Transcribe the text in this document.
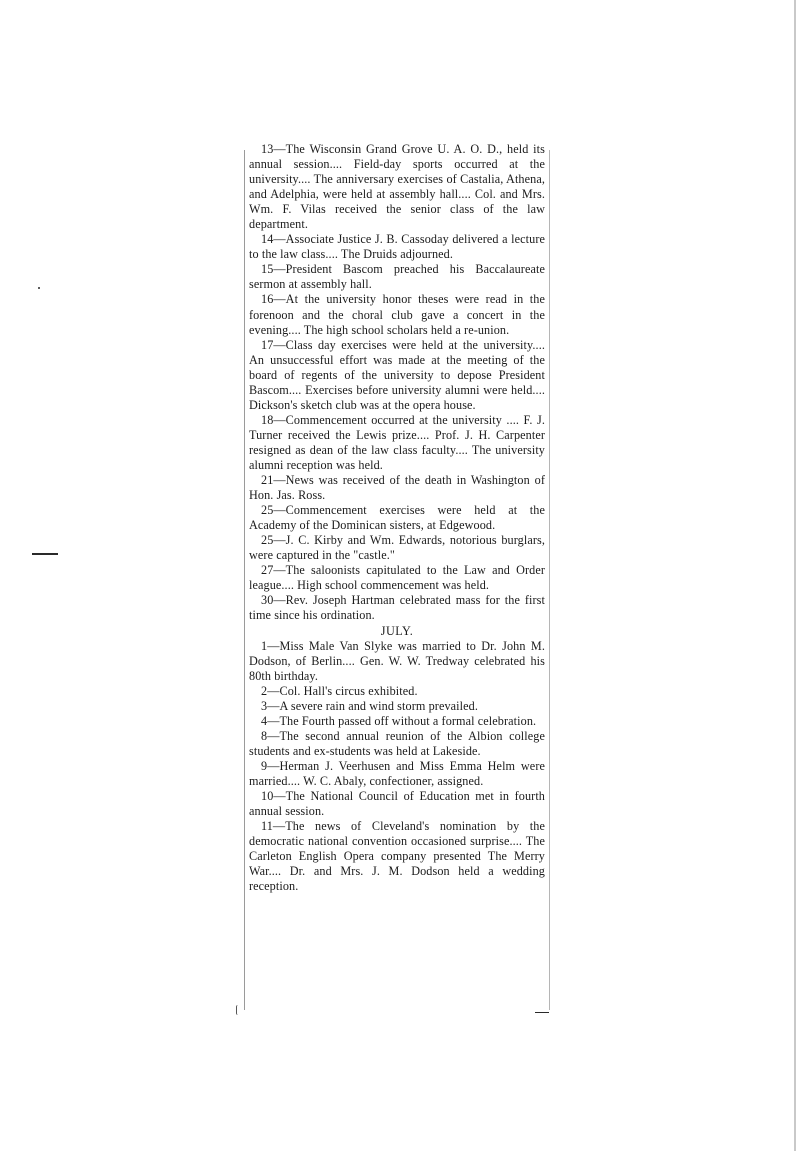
13—The Wisconsin Grand Grove U. A. O. D., held its annual session.... Field-day sports occurred at the university.... The anniversary exercises of Castalia, Athena, and Adelphia, were held at assembly hall.... Col. and Mrs. Wm. F. Vilas received the senior class of the law department.

14—Associate Justice J. B. Cassoday delivered a lecture to the law class.... The Druids adjourned.

15—President Bascom preached his Baccalaureate sermon at assembly hall.

16—At the university honor theses were read in the forenoon and the choral club gave a concert in the evening.... The high school scholars held a re-union.

17—Class day exercises were held at the university.... An unsuccessful effort was made at the meeting of the board of regents of the university to depose President Bascom.... Exercises before university alumni were held.... Dickson's sketch club was at the opera house.

18—Commencement occurred at the university .... F. J. Turner received the Lewis prize.... Prof. J. H. Carpenter resigned as dean of the law class faculty.... The university alumni reception was held.

21—News was received of the death in Washington of Hon. Jas. Ross.

25—Commencement exercises were held at the Academy of the Dominican sisters, at Edgewood.

25—J. C. Kirby and Wm. Edwards, notorious burglars, were captured in the "castle."

27—The saloonists capitulated to the Law and Order league.... High school commencement was held.

30—Rev. Joseph Hartman celebrated mass for the first time since his ordination.

JULY.

1—Miss Male Van Slyke was married to Dr. John M. Dodson, of Berlin.... Gen. W. W. Tredway celebrated his 80th birthday.

2—Col. Hall's circus exhibited.

3—A severe rain and wind storm prevailed.

4—The Fourth passed off without a formal celebration.

8—The second annual reunion of the Albion college students and ex-students was held at Lakeside.

9—Herman J. Veerhusen and Miss Emma Helm were married.... W. C. Abaly, confectioner, assigned.

10—The National Council of Education met in fourth annual session.

11—The news of Cleveland's nomination by the democratic national convention occasioned surprise.... The Carleton English Opera company presented The Merry War.... Dr. and Mrs. J. M. Dodson held a wedding reception.
